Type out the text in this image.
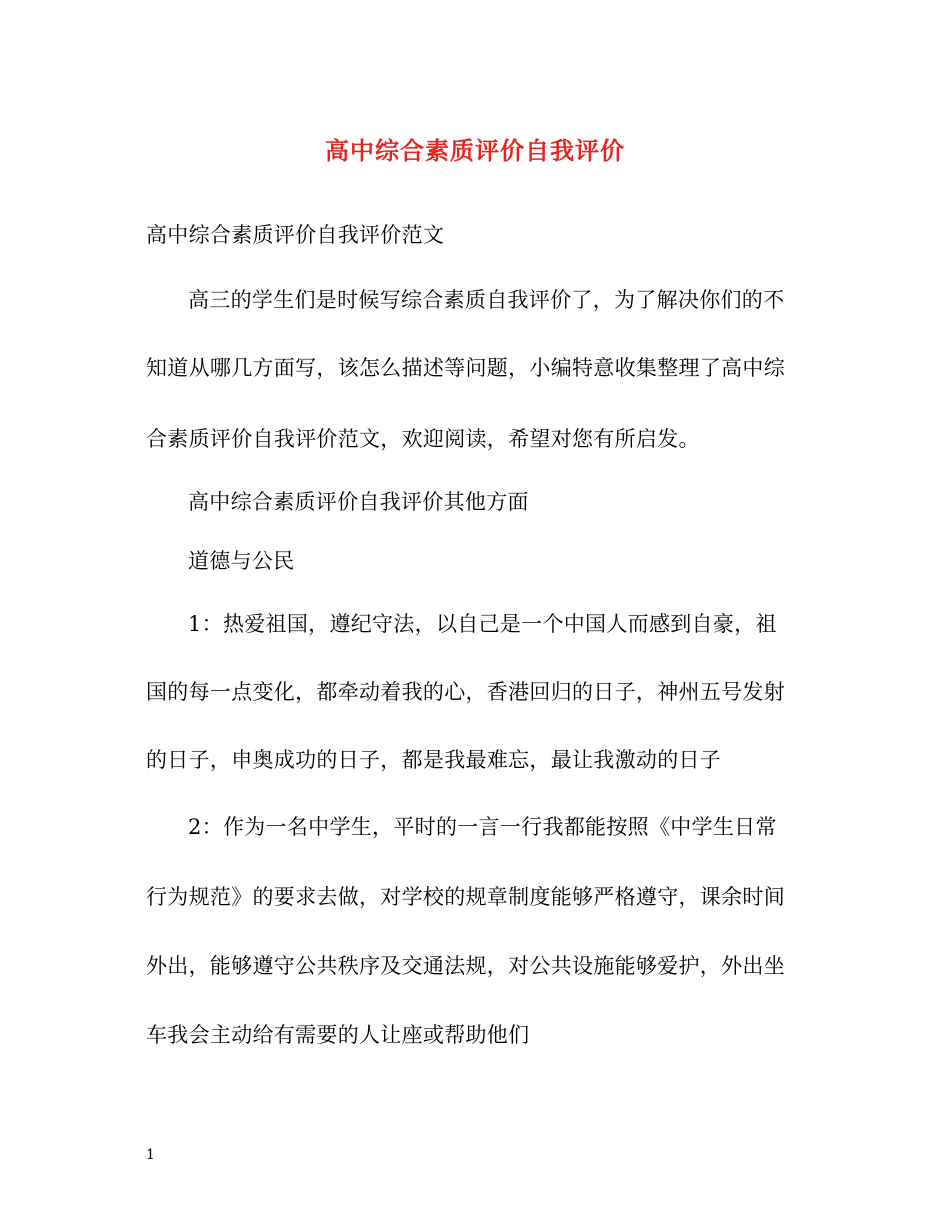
高中综合素质评价自我评价
高中综合素质评价自我评价范文
高三的学生们是时候写综合素质自我评价了，为了解决你们的不
知道从哪几方面写，该怎么描述等问题，小编特意收集整理了高中综
合素质评价自我评价范文，欢迎阅读，希望对您有所启发。
高中综合素质评价自我评价其他方面
道德与公民
1：热爱祖国，遵纪守法，以自己是一个中国人而感到自豪，祖
国的每一点变化，都牵动着我的心，香港回归的日子，神州五号发射
的日子，申奥成功的日子，都是我最难忘，最让我激动的日子
2：作为一名中学生，平时的一言一行我都能按照《中学生日常
行为规范》的要求去做，对学校的规章制度能够严格遵守，课余时间
外出，能够遵守公共秩序及交通法规，对公共设施能够爱护，外出坐
车我会主动给有需要的人让座或帮助他们
1
